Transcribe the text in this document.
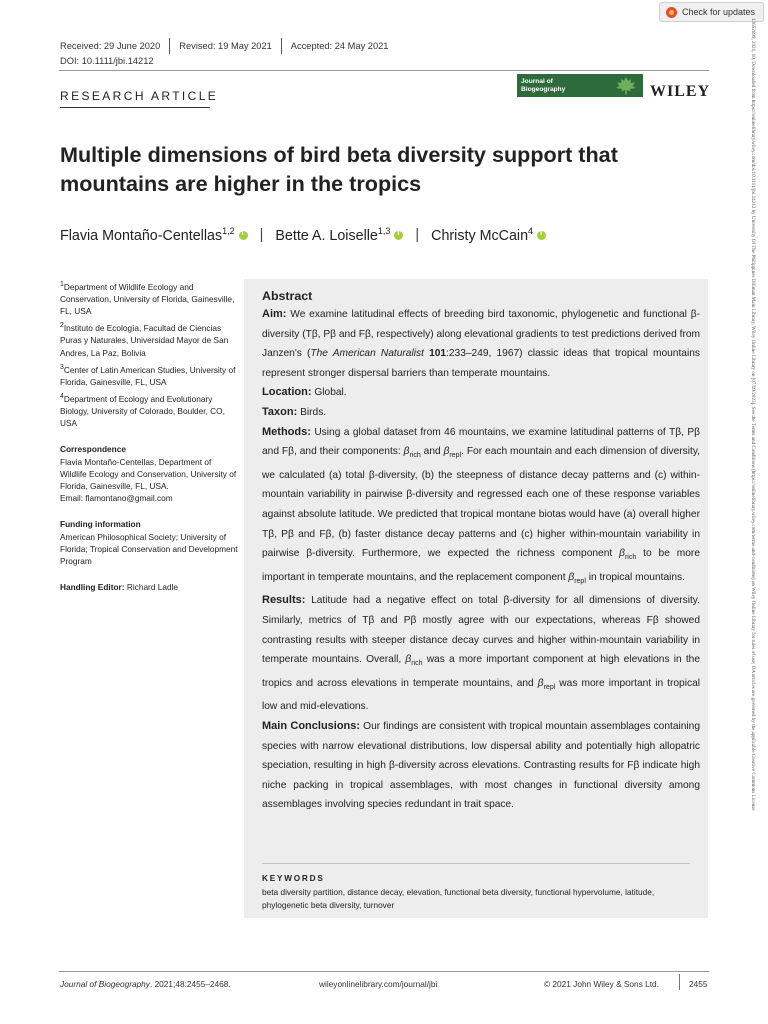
Check for updates
Received: 29 June 2020 Revised: 19 May 2021 Accepted: 24 May 2021
DOI: 10.1111/jbi.14212
RESEARCH ARTICLE
Journal of
Biogeography	WILEY
Multiple dimensions of bird beta diversity support that mountains are higher in the tropics
Flavia Montaño-Centellas$^{1,2}$ i | Bette A. Loiselle$^{1,3}$ i | Christy McCain$^4$
i

$^1$Department of Wildlife Ecology and Conservation, University of Florida, Gainesville, FL, USA

$^2$Instituto de Ecología, Facultad de Ciencias Puras y Naturales, Universidad Mayor de San Andres, La Paz, Bolivia

$^3$Center of Latin American Studies, University of Florida, Gainesville, FL, USA

$^4$Department of Ecology and Evolutionary Biology, University of Colorado, Boulder, CO, USA

Correspondence
Flavia Montaño-Centellas, Department of Wildlife Ecology and Conservation, University of Florida, Gainesville, FL, USA.
Email: flamontano@gmail.com

Funding information
American Philosophical Society; University of Florida; Tropical Conservation and Development Program

Handling Editor: Richard Ladle

Abstract

Aim: We examine latitudinal effects of breeding bird taxonomic, phylogenetic and functional β-diversity (Tβ, Pβ and Fβ, respectively) along elevational gradients to test predictions derived from Janzen's (The American Naturalist 101:233–249, 1967) classic ideas that tropical mountains represent stronger dispersal barriers than temperate mountains.

Location: Global.

Taxon: Birds.

Methods: Using a global dataset from 46 mountains, we examine latitudinal patterns of Tβ, Pβ and Fβ, and their components: $\beta_{rich}$ and $\beta_{repl}$. For each mountain and each dimension of diversity, we calculated (a) total β-diversity, (b) the steepness of distance decay patterns and (c) within-mountain variability in pairwise β-diversity and regressed each one of these response variables against absolute latitude. We predicted that tropical montane biotas would have (a) overall higher Tβ, Pβ and Fβ, (b) faster distance decay patterns and (c) higher within-mountain variability in pairwise β-diversity. Furthermore, we expected the richness component $\beta_{rich}$ to be more important in temperate mountains, and the replacement component $\beta_{repl}$ in tropical mountains.

Results: Latitude had a negative effect on total β-diversity for all dimensions of diversity. Similarly, metrics of Tβ and Pβ mostly agree with our expectations, whereas Fβ showed contrasting results with steeper distance decay curves and higher within-mountain variability in temperate mountains. Overall, $\beta_{rich}$ was a more important component at high elevations in the tropics and across elevations in temperate mountains, and $\beta_{repl}$ was more important in tropical low and mid-elevations.

Main Conclusions: Our findings are consistent with tropical mountain assemblages containing species with narrow elevational distributions, low dispersal ability and potentially high allopatric speciation, resulting in high β-diversity across elevations. Contrasting results for Fβ indicate high niche packing in tropical assemblages, with most changes in functional diversity among assemblages involving species redundant in trait space.

KEYWORDS
beta diversity partition, distance decay, elevation, functional beta diversity, functional hypervolume, latitude, phylogenetic beta diversity, turnover
Journal of Biogeography. 2021;48:2455–2468.	wileyonlinelibrary.com/journal/jbi	© 2021 John Wiley & Sons Ltd.	2455
13652699, 2021, 10, Downloaded from https://onlinelibrary.wiley.com/doi/10.1111/jbi.14212 by University Of The Philippines Diliman Main Library, Wiley Online Library on [07/09/2023]. See the Terms and Conditions (https://onlinelibrary.wiley.com/terms-and-conditions) on Wiley Online Library for rules of use; OA articles are governed by the applicable Creative Commons License
